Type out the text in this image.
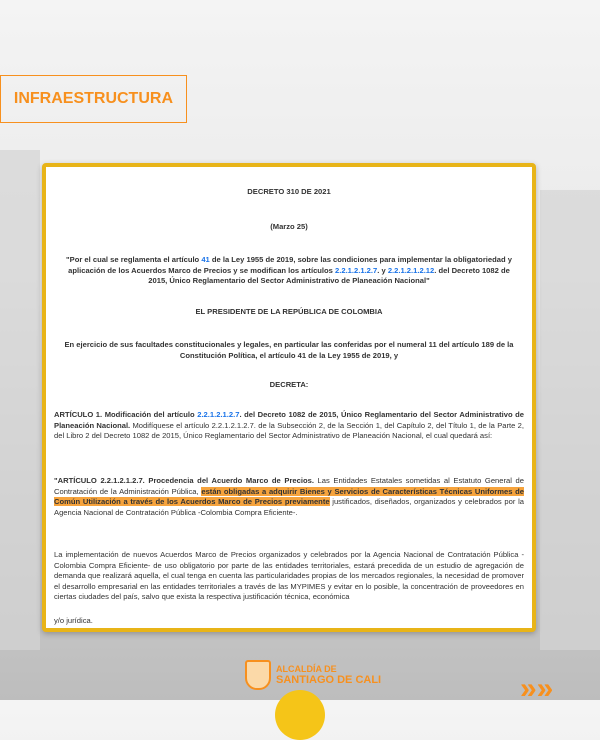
INFRAESTRUCTURA
DECRETO 310 DE 2021
(Marzo 25)
"Por el cual se reglamenta el artículo 41 de la Ley 1955 de 2019, sobre las condiciones para implementar la obligatoriedad y aplicación de los Acuerdos Marco de Precios y se modifican los artículos 2.2.1.2.1.2.7. y 2.2.1.2.1.2.12. del Decreto 1082 de 2015, Único Reglamentario del Sector Administrativo de Planeación Nacional"
EL PRESIDENTE DE LA REPÚBLICA DE COLOMBIA
En ejercicio de sus facultades constitucionales y legales, en particular las conferidas por el numeral 11 del artículo 189 de la Constitución Política, el artículo 41 de la Ley 1955 de 2019, y
DECRETA:
ARTÍCULO 1. Modificación del artículo 2.2.1.2.1.2.7. del Decreto 1082 de 2015, Único Reglamentario del Sector Administrativo de Planeación Nacional. Modifíquese el artículo 2.2.1.2.1.2.7. de la Subsección 2, de la Sección 1, del Capítulo 2, del Título 1, de la Parte 2, del Libro 2 del Decreto 1082 de 2015, Único Reglamentario del Sector Administrativo de Planeación Nacional, el cual quedará así:
"ARTÍCULO 2.2.1.2.1.2.7. Procedencia del Acuerdo Marco de Precios. Las Entidades Estatales sometidas al Estatuto General de Contratación de la Administración Pública, están obligadas a adquirir Bienes y Servicios de Características Técnicas Uniformes de Común Utilización a través de los Acuerdos Marco de Precios previamente justificados, diseñados, organizados y celebrados por la Agencia Nacional de Contratación Pública -Colombia Compra Eficiente-.
La implementación de nuevos Acuerdos Marco de Precios organizados y celebrados por la Agencia Nacional de Contratación Pública -Colombia Compra Eficiente- de uso obligatorio por parte de las entidades territoriales, estará precedida de un estudio de agregación de demanda que realizará aquella, el cual tenga en cuenta las particularidades propias de los mercados regionales, la necesidad de promover el desarrollo empresarial en las entidades territoriales a través de las MYPIMES y evitar en lo posible, la concentración de proveedores en ciertas ciudades del país, salvo que exista la respectiva justificación técnica, económica
y/o jurídica.
ALCALDÍA DE
SANTIAGO DE CALI	»»
